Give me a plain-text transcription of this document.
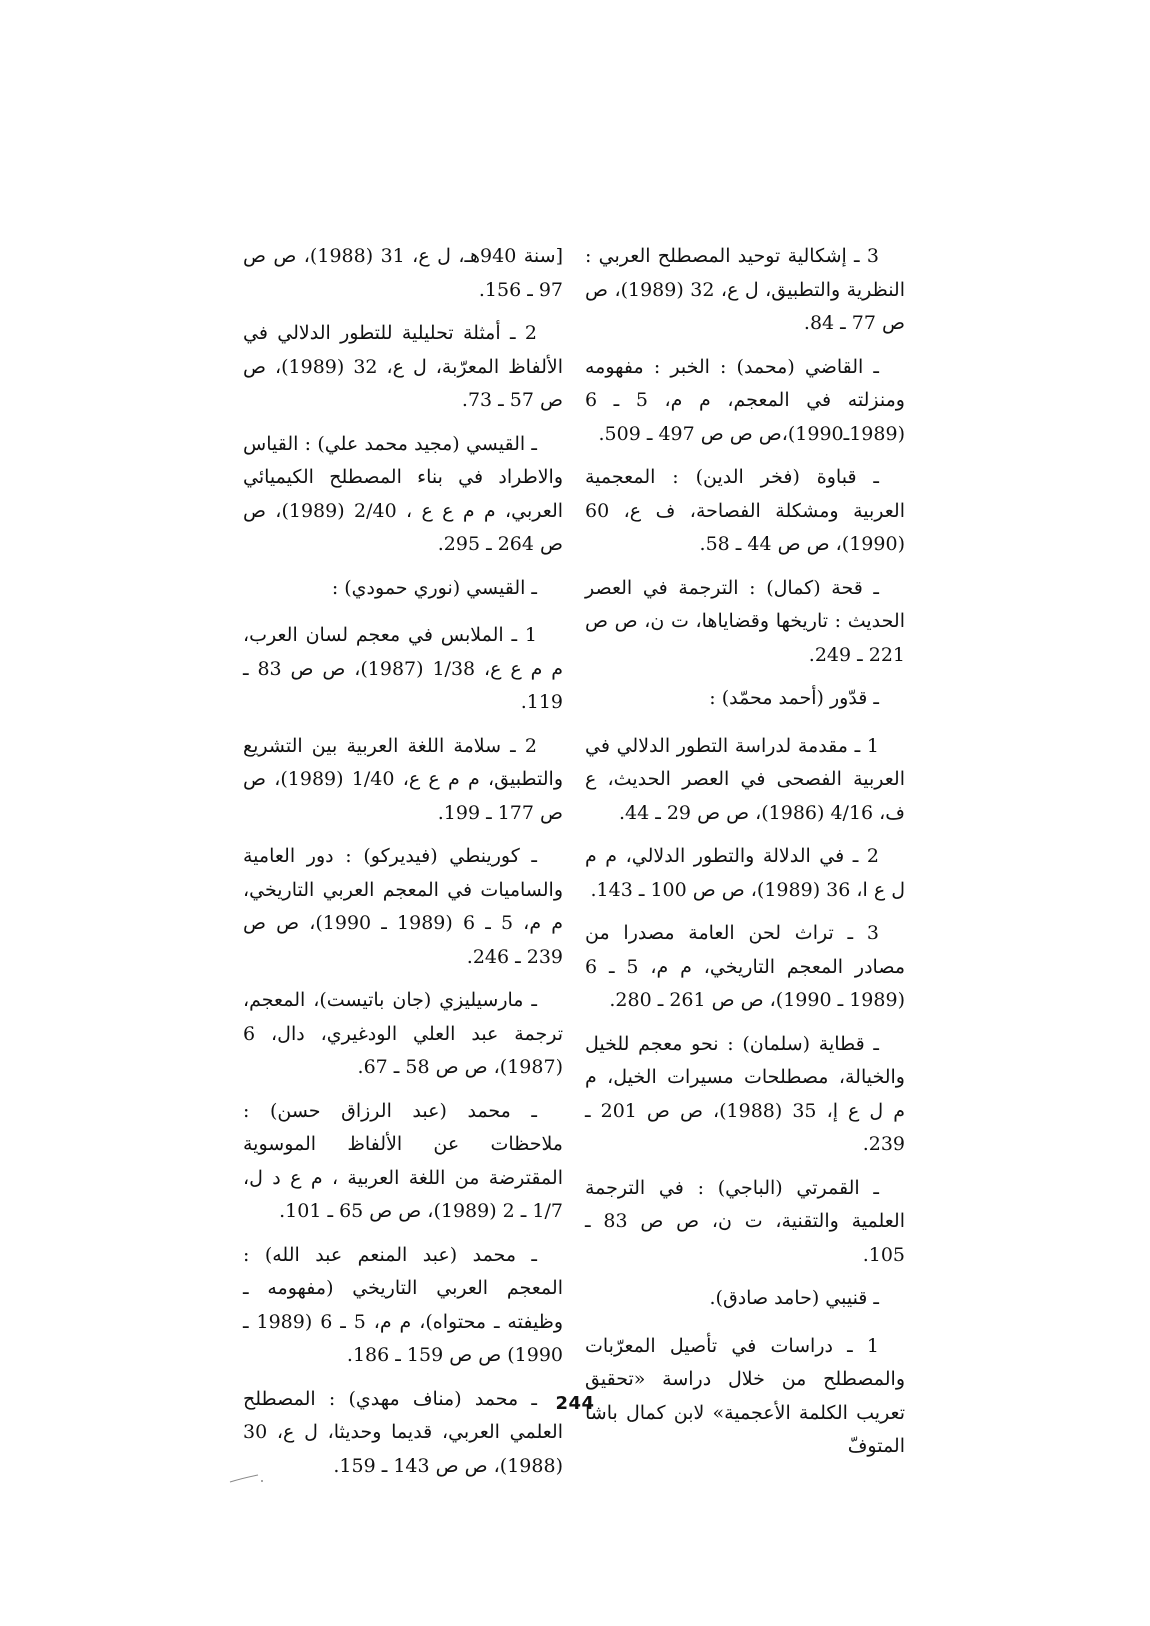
3 ـ إشكالية توحيد المصطلح العربي : النظرية والتطبيق، ل ع، 32 (1989)، ص ص 77 ـ 84.

ـ القاضي (محمد) : الخبر : مفهومه ومنزلته في المعجم، م م، 5 ـ 6 (1989ـ1990)،ص ص ص 497 ـ 509.

ـ قباوة (فخر الدين) : المعجمية العربية ومشكلة الفصاحة، ف ع، 60 (1990)، ص ص 44 ـ 58.

ـ قحة (كمال) : الترجمة في العصر الحديث : تاريخها وقضاياها، ت ن، ص ص 221 ـ 249.

ـ قدّور (أحمد محمّد) :

1 ـ مقدمة لدراسة التطور الدلالي في العربية الفصحى في العصر الحديث، ع ف، 4/16 (1986)، ص ص 29 ـ 44.

2 ـ في الدلالة والتطور الدلالي، م م ل ع ا، 36 (1989)، ص ص 100 ـ 143.

3 ـ تراث لحن العامة مصدرا من مصادر المعجم التاريخي، م م، 5 ـ 6 (1989 ـ 1990)، ص ص 261 ـ 280.

ـ قطاية (سلمان) : نحو معجم للخيل والخيالة، مصطلحات مسيرات الخيل، م م ل ع إ، 35 (1988)، ص ص 201 ـ 239.

ـ القمرتي (الباجي) : في الترجمة العلمية والتقنية، ت ن، ص ص 83 ـ 105.

ـ قنيبي (حامد صادق).

1 ـ دراسات في تأصيل المعرّبات والمصطلح من خلال دراسة «تحقيق تعريب الكلمة الأعجمية» لابن كمال باشا المتوفّ

[سنة 940هـ، ل ع، 31 (1988)، ص ص 97 ـ 156.

2 ـ أمثلة تحليلية للتطور الدلالي في الألفاظ المعرّبة، ل ع، 32 (1989)، ص ص 57 ـ 73.

ـ القيسي (مجيد محمد علي) : القياس والاطراد في بناء المصطلح الكيميائي العربي، م م ع ع ، 2/40 (1989)، ص ص 264 ـ 295.

ـ القيسي (نوري حمودي) :

1 ـ الملابس في معجم لسان العرب، م م ع ع، 1/38 (1987)، ص ص 83 ـ 119.

2 ـ سلامة اللغة العربية بين التشريع والتطبيق، م م ع ع، 1/40 (1989)، ص ص 177 ـ 199.

ـ كورينطي (فيديركو) : دور العامية والساميات في المعجم العربي التاريخي، م م، 5 ـ 6 (1989 ـ 1990)، ص ص 239 ـ 246.

ـ مارسيليزي (جان باتيست)، المعجم، ترجمة عبد العلي الودغيري، دال، 6 (1987)، ص ص 58 ـ 67.

ـ محمد (عبد الرزاق حسن) : ملاحظات عن الألفاظ الموسوية المقترضة من اللغة العربية ، م ع د ل، 1/7 ـ 2 (1989)، ص ص 65 ـ 101.

ـ محمد (عبد المنعم عبد الله) : المعجم العربي التاريخي (مفهومه ـ وظيفته ـ محتواه)، م م، 5 ـ 6 (1989 ـ 1990) ص ص 159 ـ 186.

ـ محمد (مناف مهدي) : المصطلح العلمي العربي، قديما وحديثا، ل ع، 30 (1988)، ص ص 143 ـ 159.

244
